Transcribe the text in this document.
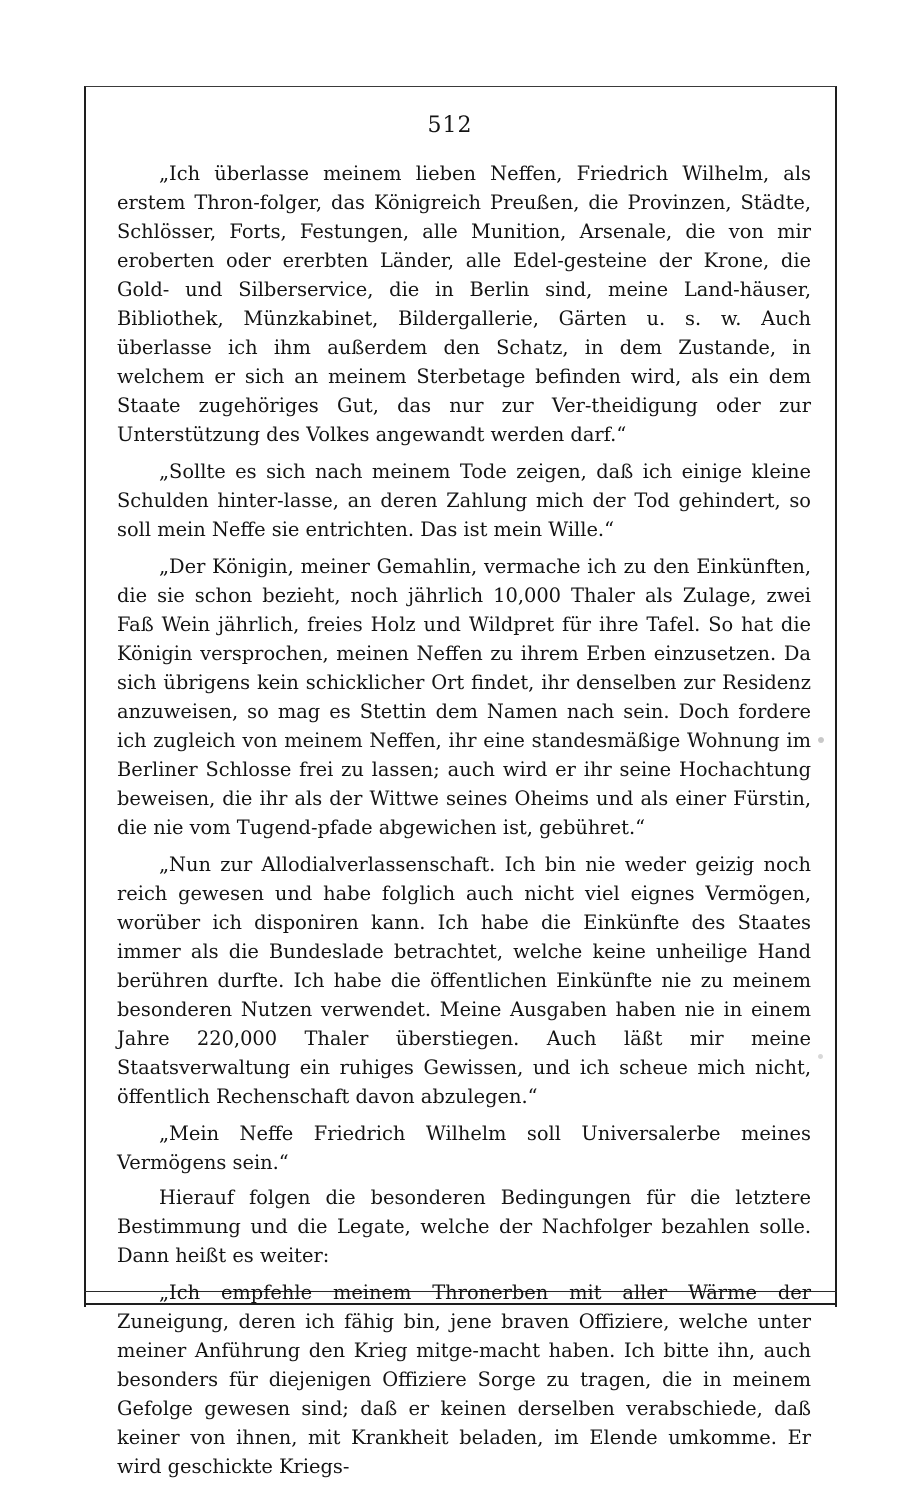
512

„Ich überlasse meinem lieben Neffen, Friedrich Wilhelm, als erstem Thron-folger, das Königreich Preußen, die Provinzen, Städte, Schlösser, Forts, Festungen, alle Munition, Arsenale, die von mir eroberten oder ererbten Länder, alle Edel-gesteine der Krone, die Gold- und Silberservice, die in Berlin sind, meine Land-häuser, Bibliothek, Münzkabinet, Bildergallerie, Gärten u. s. w. Auch überlasse ich ihm außerdem den Schatz, in dem Zustande, in welchem er sich an meinem Sterbetage befinden wird, als ein dem Staate zugehöriges Gut, das nur zur Ver-theidigung oder zur Unterstützung des Volkes angewandt werden darf.“

„Sollte es sich nach meinem Tode zeigen, daß ich einige kleine Schulden hinter-lasse, an deren Zahlung mich der Tod gehindert, so soll mein Neffe sie entrichten. Das ist mein Wille.“

„Der Königin, meiner Gemahlin, vermache ich zu den Einkünften, die sie schon bezieht, noch jährlich 10,000 Thaler als Zulage, zwei Faß Wein jährlich, freies Holz und Wildpret für ihre Tafel. So hat die Königin versprochen, meinen Neffen zu ihrem Erben einzusetzen. Da sich übrigens kein schicklicher Ort findet, ihr denselben zur Residenz anzuweisen, so mag es Stettin dem Namen nach sein. Doch fordere ich zugleich von meinem Neffen, ihr eine standesmäßige Wohnung im Berliner Schlosse frei zu lassen; auch wird er ihr seine Hochachtung beweisen, die ihr als der Wittwe seines Oheims und als einer Fürstin, die nie vom Tugend-pfade abgewichen ist, gebühret.“

„Nun zur Allodialverlassenschaft. Ich bin nie weder geizig noch reich gewesen und habe folglich auch nicht viel eignes Vermögen, worüber ich disponiren kann. Ich habe die Einkünfte des Staates immer als die Bundeslade betrachtet, welche keine unheilige Hand berühren durfte. Ich habe die öffentlichen Einkünfte nie zu meinem besonderen Nutzen verwendet. Meine Ausgaben haben nie in einem Jahre 220,000 Thaler überstiegen. Auch läßt mir meine Staatsverwaltung ein ruhiges Gewissen, und ich scheue mich nicht, öffentlich Rechenschaft davon abzulegen.“

„Mein Neffe Friedrich Wilhelm soll Universalerbe meines Vermögens sein.“

Hierauf folgen die besonderen Bedingungen für die letztere Bestimmung und die Legate, welche der Nachfolger bezahlen solle. Dann heißt es weiter:

„Ich empfehle meinem Thronerben mit aller Wärme der Zuneigung, deren ich fähig bin, jene braven Offiziere, welche unter meiner Anführung den Krieg mitge-macht haben. Ich bitte ihn, auch besonders für diejenigen Offiziere Sorge zu tragen, die in meinem Gefolge gewesen sind; daß er keinen derselben verabschiede, daß keiner von ihnen, mit Krankheit beladen, im Elende umkomme. Er wird geschickte Kriegs-
